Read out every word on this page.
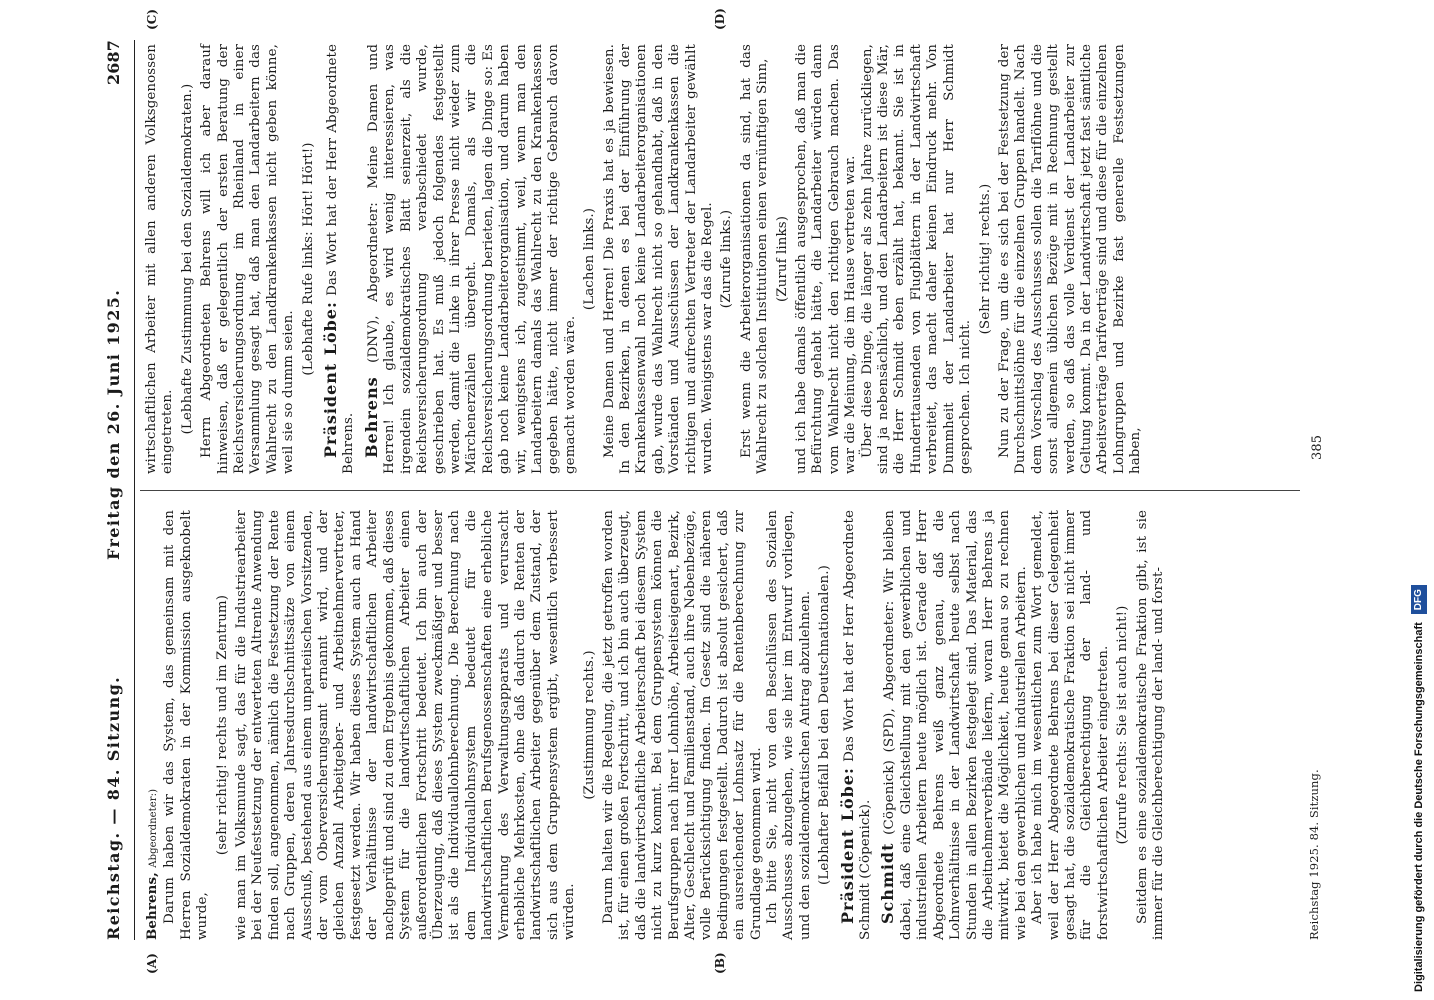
Reichstag. — 84. Sitzung.
Freitag den 26. Juni 1925.
2687
(A)	(B)
(C)	(D)

Behrens, Abgeordneter:) Darum haben wir das System, das gemeinsam mit den Herren Sozialdemokraten in der Kommission ausgeknobelt wurde,

(sehr richtig! rechts und im Zentrum) wie man im Volksmunde sagt, das für die Industriearbeiter bei der Neufestsetzung der entwerteten Altrente Anwendung finden soll, angenommen, nämlich die Festsetzung der Rente nach Gruppen, deren Jahresdurchschnittssätze von einem Ausschuß, bestehend aus einem unparteiischen Vorsitzenden, der vom Oberversicherungsamt ernannt wird, und der gleichen Anzahl Arbeitgeber- und Arbeitnehmervertreter, festgesetzt werden. Wir haben dieses System auch an Hand der Verhältnisse der landwirtschaftlichen Arbeiter nachgeprüft und sind zu dem Ergebnis gekommen, daß dieses System für die landwirtschaftlichen Arbeiter einen außerordentlichen Fortschritt bedeutet. Ich bin auch der Überzeugung, daß dieses System zweckmäßiger und besser ist als die Individuallohnberechnung. Die Berechnung nach dem Individuallohnsystem bedeutet für die landwirtschaftlichen Berufsgenossenschaften eine erhebliche Vermehrung des Verwaltungsapparats und verursacht erhebliche Mehrkosten, ohne daß dadurch die Renten der landwirtschaftlichen Arbeiter gegenüber dem Zustand, der sich aus dem Gruppensystem ergibt, wesentlich verbessert würden.

(Zustimmung rechts.) Darum halten wir die Regelung, die jetzt getroffen worden ist, für einen großen Fortschritt, und ich bin auch überzeugt, daß die landwirtschaftliche Arbeiterschaft bei diesem System nicht zu kurz kommt. Bei dem Gruppensystem können die Berufsgruppen nach ihrer Lohnhöhe, Arbeitseigenart, Bezirk, Alter, Geschlecht und Familienstand, auch ihre Nebenbezüge, volle Berücksichtigung finden. Im Gesetz sind die näheren Bedingungen festgestellt. Dadurch ist absolut gesichert, daß ein ausreichender Lohnsatz für die Rentenberechnung zur Grundlage genommen wird. Ich bitte Sie, nicht von den Beschlüssen des Sozialen Ausschusses abzugehen, wie sie hier im Entwurf vorliegen, und den sozialdemokratischen Antrag abzulehnen. (Lebhafter Beifall bei den Deutschnationalen.) Präsident Löbe: Das Wort hat der Herr Abgeordnete Schmidt (Cöpenick). Schmidt (Cöpenick) (SPD), Abgeordneter: Wir bleiben dabei, daß eine Gleichstellung mit den gewerblichen und industriellen Arbeitern heute möglich ist. Gerade der Herr Abgeordnete Behrens weiß ganz genau, daß die Lohnverhältnisse in der Landwirtschaft heute selbst nach Stunden in allen Bezirken festgelegt sind. Das Material, das die Arbeitnehmerverbände liefern, woran Herr Behrens ja mitwirkt, bietet die Möglichkeit, heute genau so zu rechnen wie bei den gewerblichen und industriellen Arbeitern. Aber ich habe mich im wesentlichen zum Wort gemeldet, weil der Herr Abgeordnete Behrens bei dieser Gelegenheit gesagt hat, die sozialdemokratische Fraktion sei nicht immer für die Gleichberechtigung der land- und forstwirtschaftlichen Arbeiter eingetreten. (Zurufe rechts: Sie ist auch nicht!) Seitdem es eine sozialdemokratische Fraktion gibt, ist sie immer für die Gleichberechtigung der land- und forst-

wirtschaftlichen Arbeiter mit allen anderen Volksgenossen eingetreten. (Lebhafte Zustimmung bei den Sozialdemokraten.) Herrn Abgeordneten Behrens will ich aber darauf hinweisen, daß er gelegentlich der ersten Beratung der Reichsversicherungsordnung im Rheinland in einer Versammlung gesagt hat, daß man den Landarbeitern das Wahlrecht zu den Landkrankenkassen nicht geben könne, weil sie so dumm seien.

(Lebhafte Rufe links: Hört! Hört!)

Präsident Löbe: Das Wort hat der Herr Abgeordnete Behrens. Behrens (DNV), Abgeordneter: Meine Damen und Herren! Ich glaube, es wird wenig interessieren, was irgendein sozialdemokratisches Blatt seinerzeit, als die Reichsversicherungsordnung verabschiedet wurde, geschrieben hat. Es muß jedoch folgendes festgestellt werden, damit die Linke in ihrer Presse nicht wieder zum Märchenerzählen übergeht. Damals, als wir die Reichsversicherungsordnung berieten, lagen die Dinge so: Es gab noch keine Landarbeiterorganisation, und darum haben wir, wenigstens ich, zugestimmt, weil, wenn man den Landarbeitern damals das Wahlrecht zu den Krankenkassen gegeben hätte, nicht immer der richtige Gebrauch davon gemacht worden wäre.

(Lachen links.) Meine Damen und Herren! Die Praxis hat es ja bewiesen. In den Bezirken, in denen es bei der Einführung der Krankenkassenwahl noch keine Landarbeiterorganisationen gab, wurde das Wahlrecht nicht so gehandhabt, daß in den Vorständen und Ausschüssen der Landkrankenkassen die richtigen und aufrechten Vertreter der Landarbeiter gewählt wurden. Wenigstens war das die Regel. (Zurufe links.) Erst wenn die Arbeiterorganisationen da sind, hat das Wahlrecht zu solchen Institutionen einen vernünftigen Sinn, (Zuruf links) und ich habe damals öffentlich ausgesprochen, daß man die Befürchtung gehabt hätte, die Landarbeiter würden dann vom Wahlrecht nicht den richtigen Gebrauch machen. Das war die Meinung, die im Hause vertreten war. Über diese Dinge, die länger als zehn Jahre zurückliegen, sind ja nebensächlich, und den Landarbeitern ist diese Mär, die Herr Schmidt eben erzählt hat, bekannt. Sie ist in Hunderttausenden von Flugblättern in der Landwirtschaft verbreitet, das macht daher keinen Eindruck mehr. Von Dummheit der Landarbeiter hat nur Herr Schmidt gesprochen. Ich nicht.

(Sehr richtig! rechts.) Nun zu der Frage, um die es sich bei der Festsetzung der Durchschnittslöhne für die einzelnen Gruppen handelt. Nach dem Vorschlag des Ausschusses sollen die Tariflöhne und die sonst allgemein üblichen Bezüge mit in Rechnung gestellt werden, so daß das volle Verdienst der Landarbeiter zur Geltung kommt. Da in der Landwirtschaft jetzt fast sämtliche Arbeitsverträge Tarifverträge sind und diese für die einzelnen Lohngruppen und Bezirke fast generelle Festsetzungen haben,

Reichstag 1925. 84. Sitzung.
385
Digitalisierung gefördert durch die Deutsche Forschungsgemeinschaft
DFG
